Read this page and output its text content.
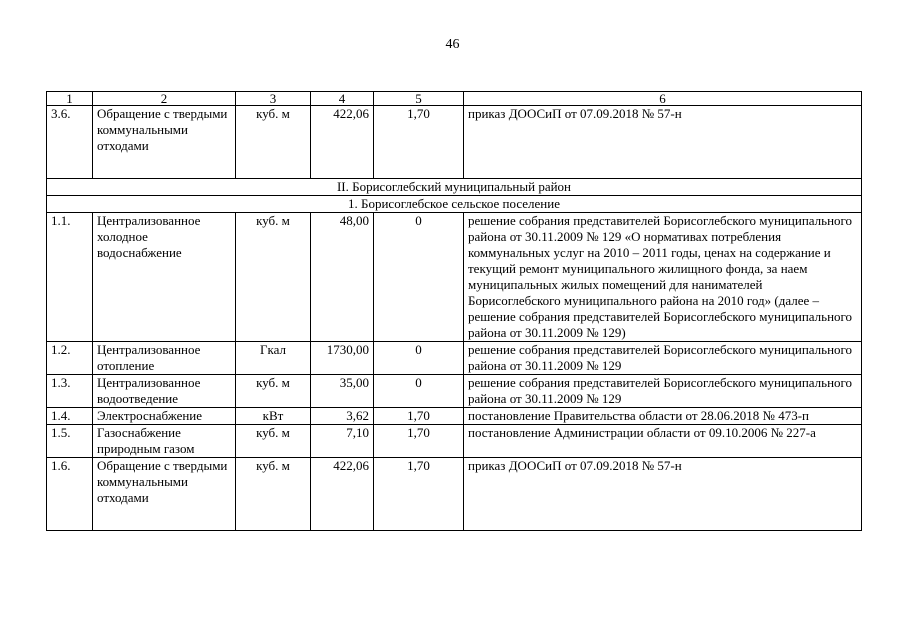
46
1	2	3	4	5	6
3.6.	Обращение с твердыми коммунальными отходами	куб. м	422,06	1,70	приказ ДООСиП от 07.09.2018 № 57-н
II. Борисоглебский муниципальный район					
1. Борисоглебское сельское поселение					
1.1.	Централизованное холодное водоснабжение	куб. м	48,00	0	решение собрания представителей Борисоглебского муниципального района от 30.11.2009 № 129 «О нормативах потребления коммунальных услуг на 2010 – 2011 годы, ценах на содержание и текущий ремонт муниципального жилищного фонда, за наем муниципальных жилых помещений для нанимателей Борисоглебского муниципального района на 2010 год» (далее – решение собрания представителей Борисоглебского муниципального района от 30.11.2009 № 129)
1.2.	Централизованное отопление	Гкал	1730,00	0	решение собрания представителей Борисоглебского муниципального района от 30.11.2009 № 129
1.3.	Централизованное водоотведение	куб. м	35,00	0	решение собрания представителей Борисоглебского муниципального района от 30.11.2009 № 129
1.4.	Электроснабжение	кВт	3,62	1,70	постановление Правительства области от 28.06.2018 № 473-п
1.5.	Газоснабжение природным газом	куб. м	7,10	1,70	постановление Администрации области от 09.10.2006 № 227-а
1.6.	Обращение с твердыми коммунальными отходами	куб. м	422,06	1,70	приказ ДООСиП от 07.09.2018 № 57-н
